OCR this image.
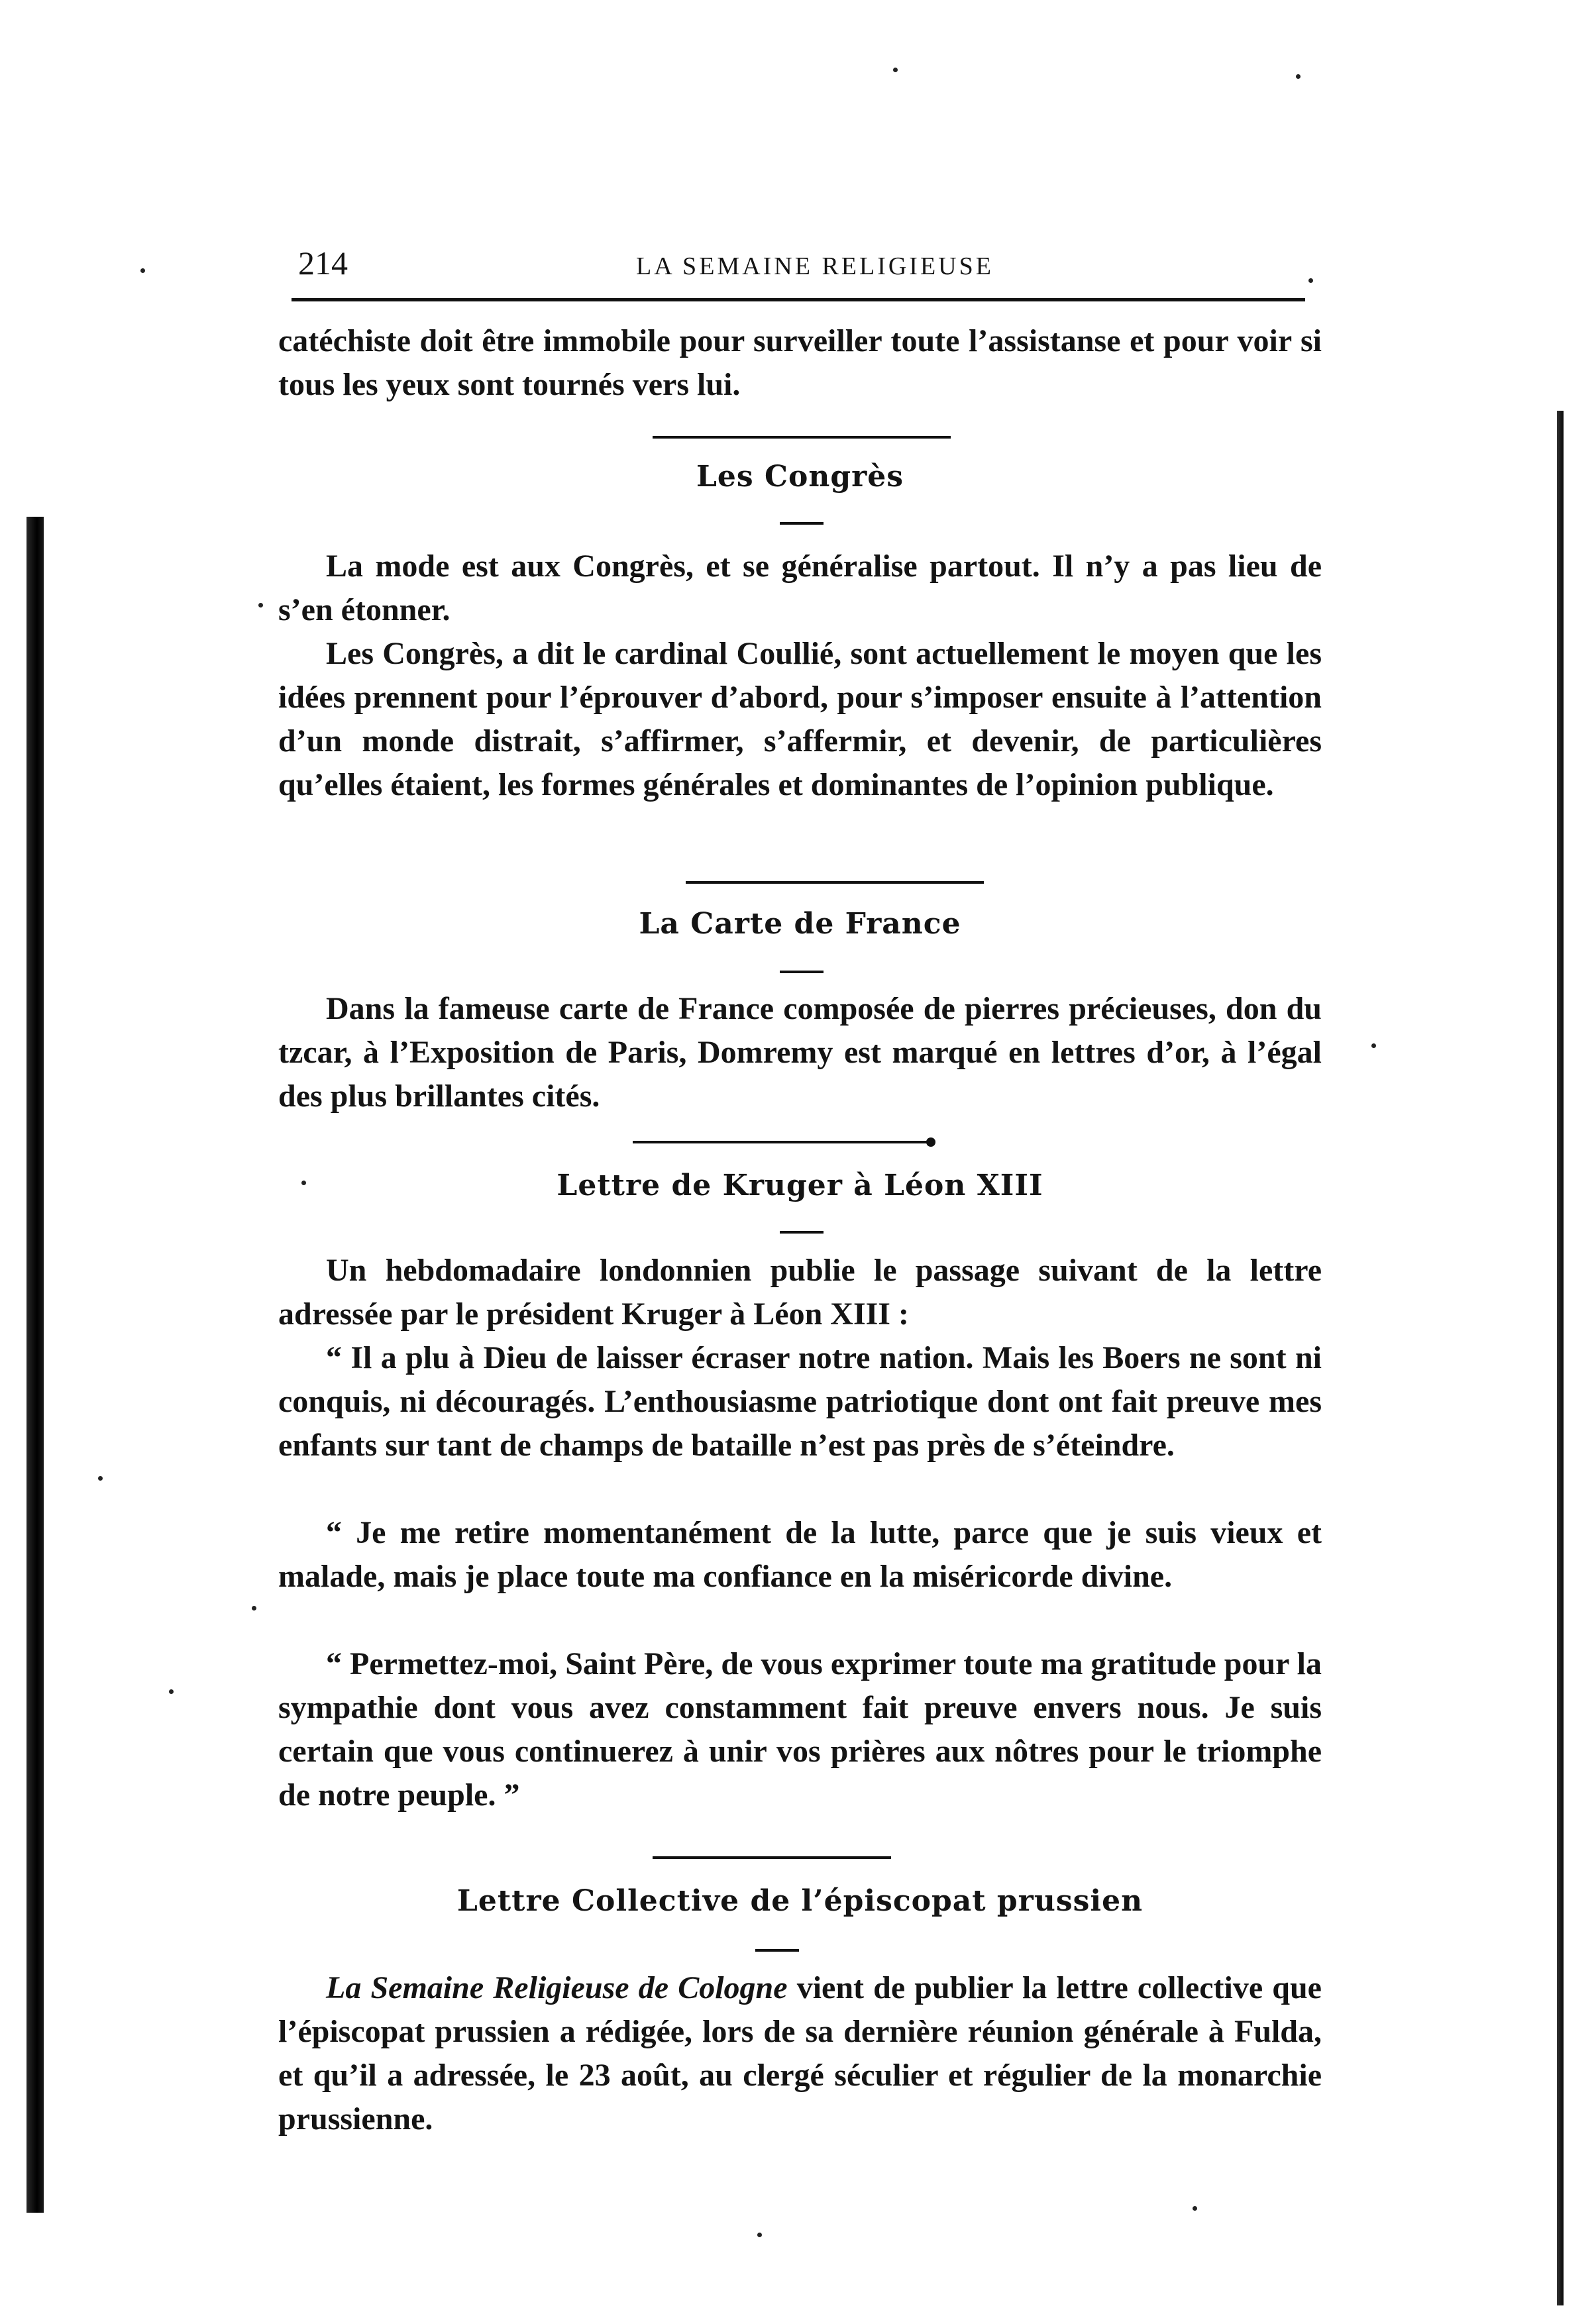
214	LA SEMAINE RELIGIEUSE
catéchiste doit être immobile pour surveiller toute l’assistanse et pour voir si tous les yeux sont tournés vers lui.
Les Congrès
La mode est aux Congrès, et se généralise partout. Il n’y a pas lieu de s’en étonner.
Les Congrès, a dit le cardinal Coullié, sont actuellement le moyen que les idées prennent pour l’éprouver d’abord, pour s’imposer ensuite à l’attention d’un monde distrait, s’affirmer, s’affermir, et devenir, de particulières qu’elles étaient, les formes générales et dominantes de l’opinion publique.
La Carte de France
Dans la fameuse carte de France composée de pierres précieuses, don du tzcar, à l’Exposition de Paris, Domremy est marqué en lettres d’or, à l’égal des plus brillantes cités.
Lettre de Kruger à Léon XIII
Un hebdomadaire londonnien publie le passage suivant de la lettre adressée par le président Kruger à Léon XIII :
“ Il a plu à Dieu de laisser écraser notre nation. Mais les Boers ne sont ni conquis, ni découragés. L’enthousiasme patriotique dont ont fait preuve mes enfants sur tant de champs de bataille n’est pas près de s’éteindre.
“ Je me retire momentanément de la lutte, parce que je suis vieux et malade, mais je place toute ma confiance en la miséricorde divine.
“ Permettez-moi, Saint Père, de vous exprimer toute ma gratitude pour la sympathie dont vous avez constamment fait preuve envers nous. Je suis certain que vous continuerez à unir vos prières aux nôtres pour le triomphe de notre peuple. ”
Lettre Collective de l’épiscopat prussien
La Semaine Religieuse de Cologne vient de publier la lettre collective que l’épiscopat prussien a rédigée, lors de sa dernière réunion générale à Fulda, et qu’il a adressée, le 23 août, au clergé séculier et régulier de la monarchie prussienne.
